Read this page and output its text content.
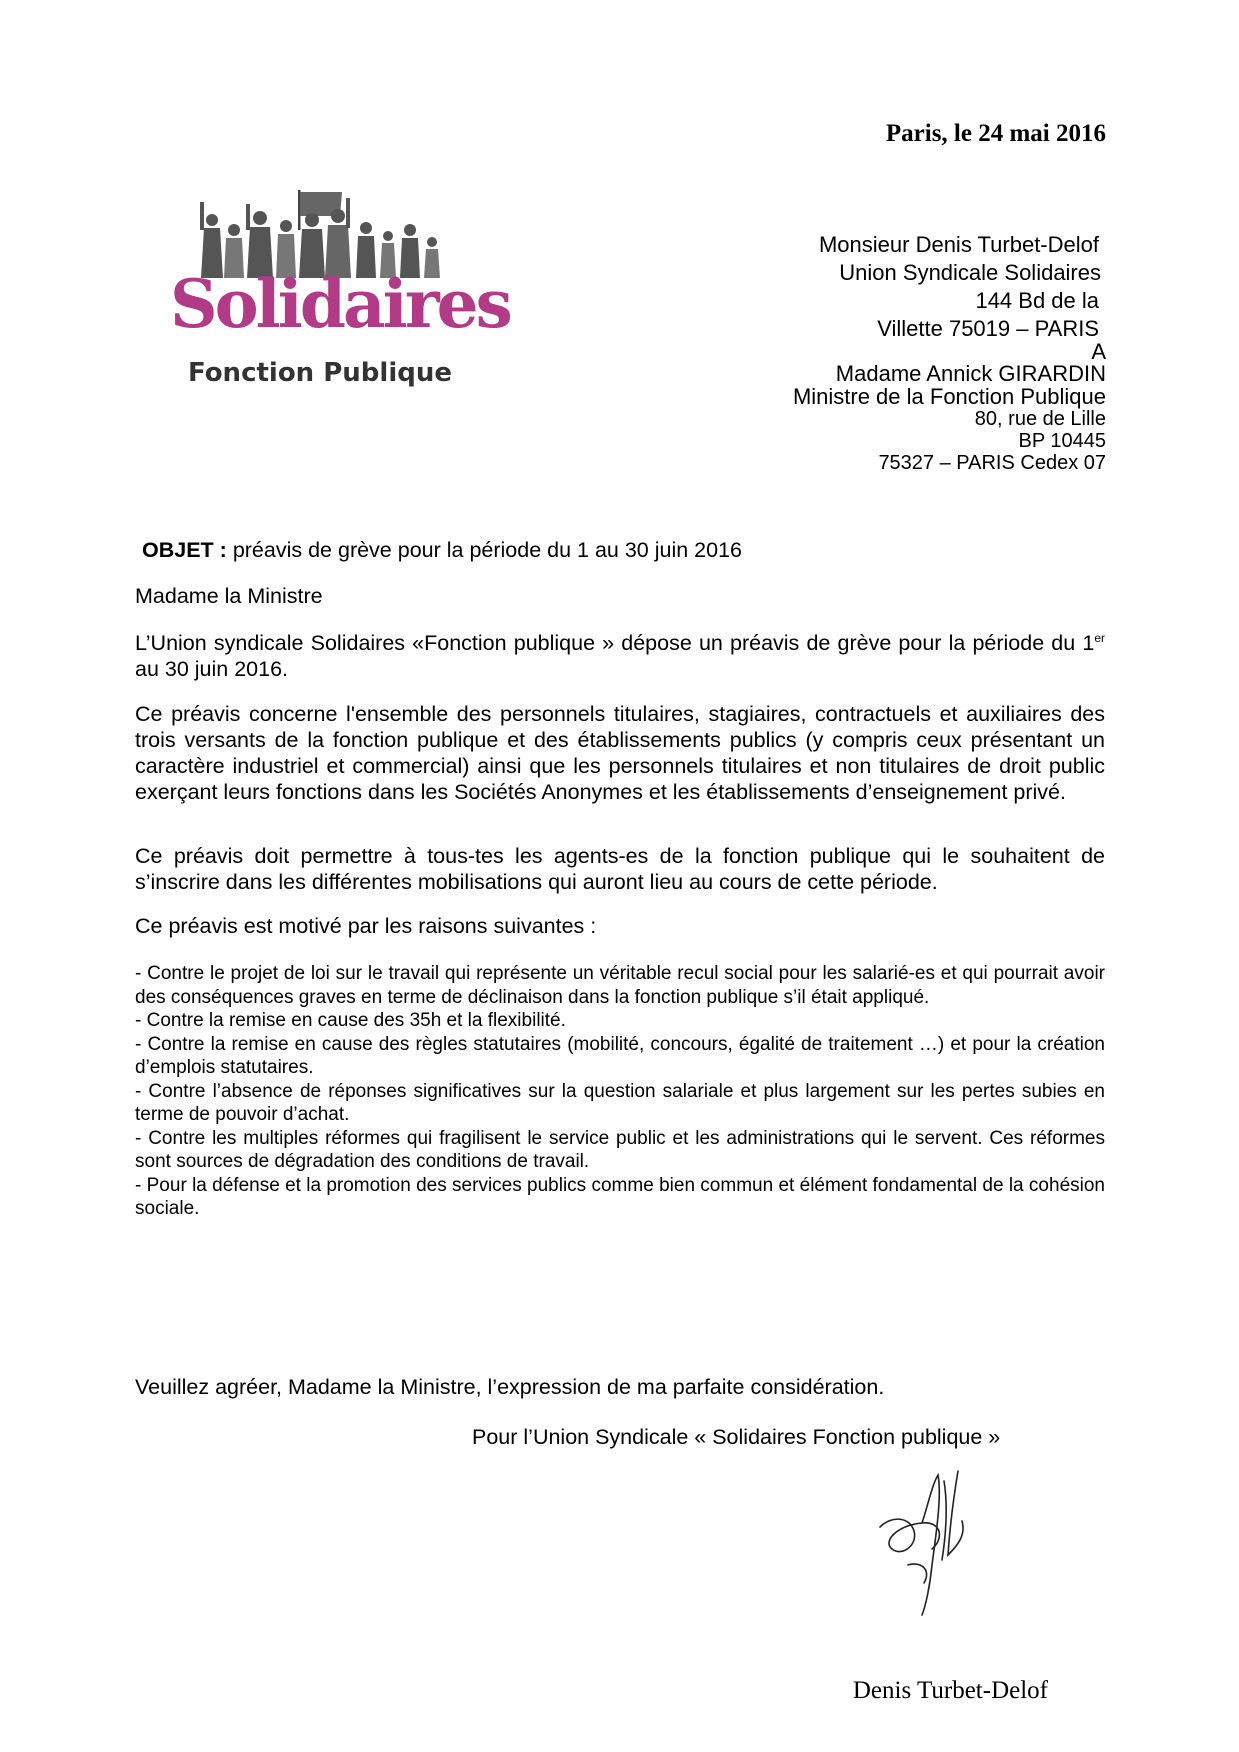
Paris, le 24 mai 2016
Solidaires
Fonction Publique
Monsieur Denis Turbet-Delof
Union Syndicale Solidaires
144 Bd de la
Villette 75019 – PARIS
A
Madame Annick GIRARDIN
Ministre de la Fonction Publique
80, rue de Lille
BP 10445
75327 – PARIS Cedex 07
OBJET : préavis de grève pour la période du 1 au 30 juin 2016
Madame la Ministre
L’Union syndicale Solidaires «Fonction publique » dépose un préavis de grève pour la période du 1er au 30 juin 2016.
Ce préavis concerne l'ensemble des personnels titulaires, stagiaires, contractuels et auxiliaires des trois versants de la fonction publique et des établissements publics (y compris ceux présentant un caractère industriel et commercial) ainsi que les personnels titulaires et non titulaires de droit public exerçant leurs fonctions dans les Sociétés Anonymes et les établissements d’enseignement privé.
Ce préavis doit permettre à tous-tes les agents-es de la fonction publique qui le souhaitent de s’inscrire dans les différentes mobilisations qui auront lieu au cours de cette période.
Ce préavis est motivé par les raisons suivantes :
- Contre le projet de loi sur le travail qui représente un véritable recul social pour les salarié-es et qui pourrait avoir des conséquences graves en terme de déclinaison dans la fonction publique s’il était appliqué.
- Contre la remise en cause des 35h et la flexibilité.
- Contre la remise en cause des règles statutaires (mobilité, concours, égalité de traitement …) et pour la création d’emplois statutaires.
- Contre l’absence de réponses significatives sur la question salariale et plus largement sur les pertes subies en terme de pouvoir d’achat.
- Contre les multiples réformes qui fragilisent le service public et les administrations qui le servent. Ces réformes sont sources de dégradation des conditions de travail.
- Pour la défense et la promotion des services publics comme bien commun et élément fondamental de la cohésion sociale.
Veuillez agréer, Madame la Ministre, l’expression de ma parfaite considération.
Pour l’Union Syndicale « Solidaires Fonction publique »
Denis Turbet-Delof
